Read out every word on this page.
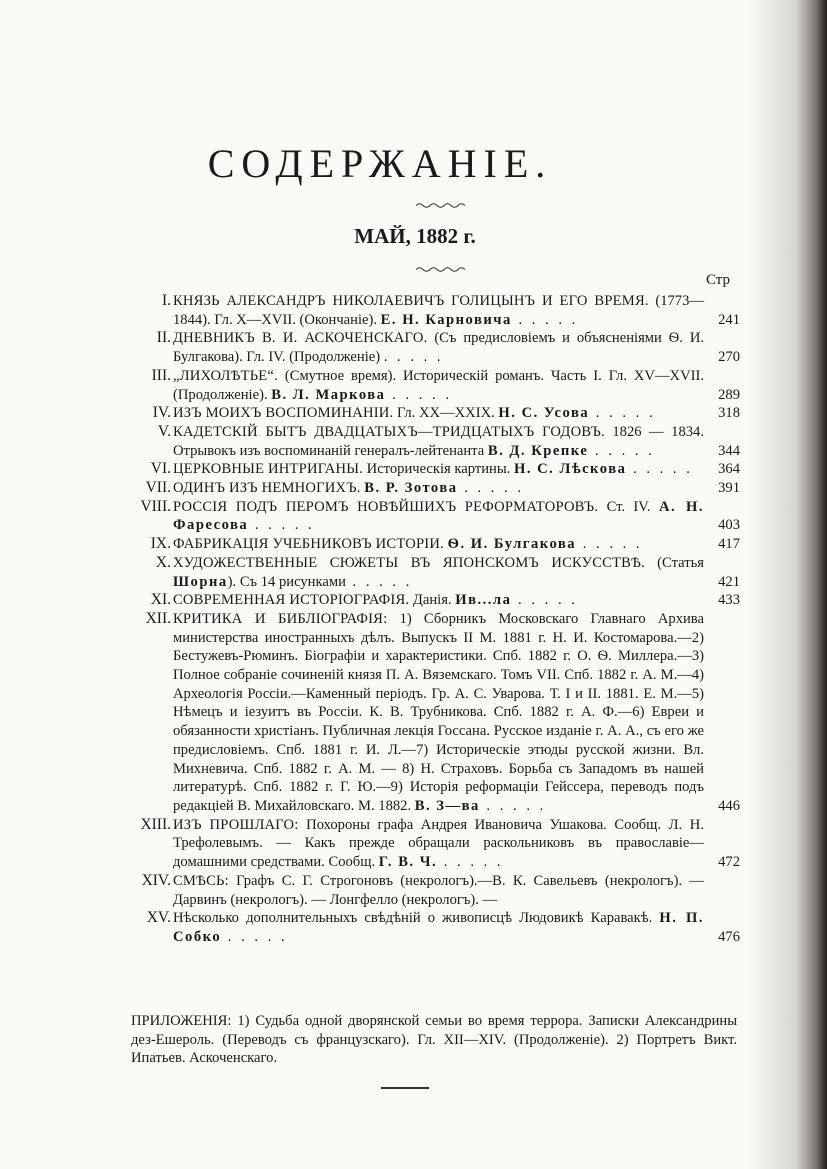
СОДЕРЖАНІЕ.
МАЙ, 1882 г.
Стр
I. КНЯЗЬ АЛЕКСАНДРЪ НИКОЛАЕВИЧЪ ГОЛИЦЫНЪ И ЕГО ВРЕМЯ. (1773—1844). Гл. X—XVII. (Окончаніе). Е. Н. Карновича . . . . .	241
II. ДНЕВНИКЪ В. И. АСКОЧЕНСКАГО. (Съ предисловіемъ и объясненіями Ѳ. И. Булгакова). Гл. IV. (Продолженіе) . . . . .	270
III. „ЛИХОЛѢТЬЕ“. (Смутное время). Историческій романъ. Часть I. Гл. XV—XVII. (Продолженіе). В. Л. Маркова . . . . .	289
IV. ИЗЪ МОИХЪ ВОСПОМИНАНІИ. Гл. XX—XXIX. Н. С. Усова . . . . .	318
V. КАДЕТСКІЙ БЫТЪ ДВАДЦАТЫХЪ—ТРИДЦАТЫХЪ ГОДОВЪ. 1826 — 1834. Отрывокъ изъ воспоминаній генералъ-лейтенанта В. Д. Крепке . . . . .	344
VI. ЦЕРКОВНЫЕ ИНТРИГАНЫ. Историческія картины. Н. С. Лѣскова . . . . .	364
VII. ОДИНЪ ИЗЪ НЕМНОГИХЪ. В. Р. Зотова . . . . .	391
VIII. РОССІЯ ПОДЪ ПЕРОМЪ НОВѢЙШИХЪ РЕФОРМАТОРОВЪ. Ст. IV. А. Н. Фаресова . . . . .	403
IX. ФАБРИКАЦІЯ УЧЕБНИКОВЪ ИСТОРІИ. Ѳ. И. Булгакова . . . . .	417
X. ХУДОЖЕСТВЕННЫЕ СЮЖЕТЫ ВЪ ЯПОНСКОМЪ ИСКУССТВѢ. (Статья Шорна). Съ 14 рисунками . . . . .	421
XI. СОВРЕМЕННАЯ ИСТОРІОГРАФІЯ. Данія. Ив...ла . . . . .	433
XII. КРИТИКА И БИБЛІОГРАФІЯ: 1) Сборникъ Московскаго Главнаго Архива министерства иностранныхъ дѣлъ. Выпускъ II М. 1881 г. Н. И. Костомарова.—2) Бестужевъ-Рюминъ. Біографіи и характеристики. Спб. 1882 г. О. Ѳ. Миллера.—3) Полное собраніе сочиненій князя П. А. Вяземскаго. Томъ VII. Спб. 1882 г. А. М.—4) Археологія Россіи.—Каменный періодъ. Гр. А. С. Уварова. Т. I и II. 1881. Е. М.—5) Нѣмецъ и іезуитъ въ Россіи. К. В. Трубникова. Спб. 1882 г. А. Ф.—6) Евреи и обязанности христіанъ. Публичная лекція Госсана. Русское изданіе г. А. А., съ его же предисловіемъ. Спб. 1881 г. И. Л.—7) Историческіе этюды русской жизни. Вл. Михневича. Спб. 1882 г. А. М. — 8) Н. Страховъ. Борьба съ Западомъ въ нашей литературѣ. Спб. 1882 г. Г. Ю.—9) Исторія реформаціи Гейссера, переводъ подъ редакціей В. Михайловскаго. М. 1882. В. З—ва . . . . .	446
XIII. ИЗЪ ПРОШЛАГО: Похороны графа Андрея Ивановича Ушакова. Сообщ. Л. Н. Трефолевымъ. — Какъ прежде обращали раскольниковъ въ православіе—домашними средствами. Сообщ. Г. В. Ч. . . . . .	472
XIV. СМѢСЬ: Графъ С. Г. Строгоновъ (некрологъ).—В. К. Савельевъ (некрологъ). — Дарвинъ (некрологъ). — Лонгфелло (некрологъ). —
XV. Нѣсколько дополнительныхъ свѣдѣній о живописцѣ Людовикѣ Каравакѣ. Н. П. Собко . . . . .	476
ПРИЛОЖЕНІЯ: 1) Судьба одной дворянской семьи во время террора. Записки Александрины дез-Ешероль. (Переводъ съ французскаго). Гл. XII—XIV. (Продолженіе). 2) Портретъ Викт. Ипатьев. Аскоченскаго.
